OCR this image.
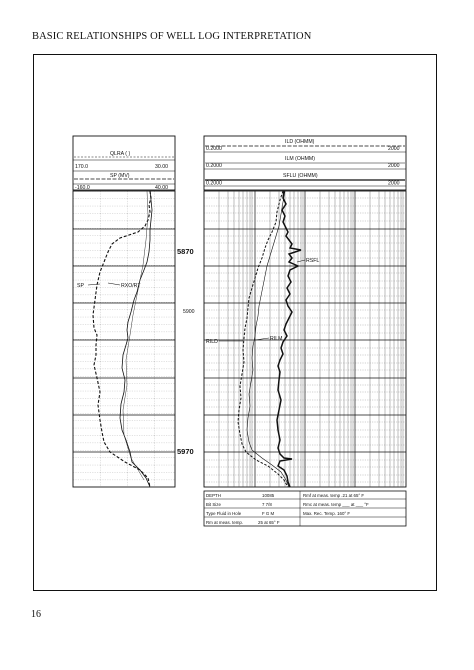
BASIC RELATIONSHIPS OF WELL LOG INTERPRETATION
QLRA ( )
170.0	30.00
SP (MV)
-160.0	40.00
SP	RXO/RT
5870
5900
5970
RSFL
RILD	RILM
ILD (OHMM)
0.2000	2000
ILM (OHMM)
0.2000	2000
SFLU (OHMM)
0.2000	2000
DEPTH	10085	Rmf at meas. temp .21 at 65° F
Bit Size	7 7/8	Rmc at meas. temp ___ at ___ °F
Type Fluid in Hole	F G M	Max. Rec. Temp. 160° F
Rm at meas. temp.	25 at 65° F
16
